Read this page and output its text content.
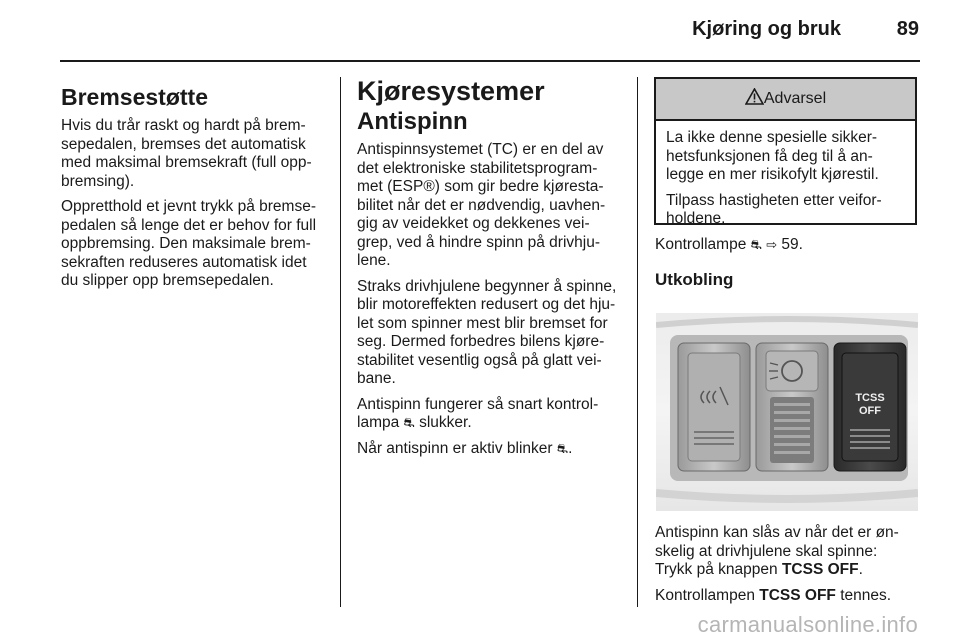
Kjøring og bruk	89
Bremsestøtte

Hvis du trår raskt og hardt på brem-
sepedalen, bremses det automatisk
med maksimal bremsekraft (full opp-
bremsing).

Oppretthold et jevnt trykk på bremse-
pedalen så lenge det er behov for full
oppbremsing. Den maksimale brem-
sekraften reduseres automatisk idet
du slipper opp bremsepedalen.

Kjøresystemer
Antispinn

Antispinnsystemet (TC) er en del av
det elektroniske stabilitetsprogram-
met (ESP®) som gir bedre kjøresta-
bilitet når det er nødvendig, uavhen-
gig av veidekket og dekkenes vei-
grep, ved å hindre spinn på drivhju-
lene.

Straks drivhjulene begynner å spinne,
blir motoreffekten redusert og det hju-
let som spinner mest blir bremset for
seg. Dermed forbedres bilens kjøre-
stabilitet vesentlig også på glatt vei-
bane.

Antispinn fungerer så snart kontrol-
lampa ⛐ slukker.

Når antispinn er aktiv blinker ⛐.

Advarsel

La ikke denne spesielle sikker-
hetsfunksjonen få deg til å an-
legge en mer risikofylt kjørestil.

Tilpass hastigheten etter veifor-
holdene.

Kontrollampe ⛐ ⇨ 59.

Utkobling
TCSS
OFF

Antispinn kan slås av når det er øn-
skelig at drivhjulene skal spinne:
Trykk på knappen TCSS OFF.

Kontrollampen TCSS OFF tennes.

carmanualsonline.info
